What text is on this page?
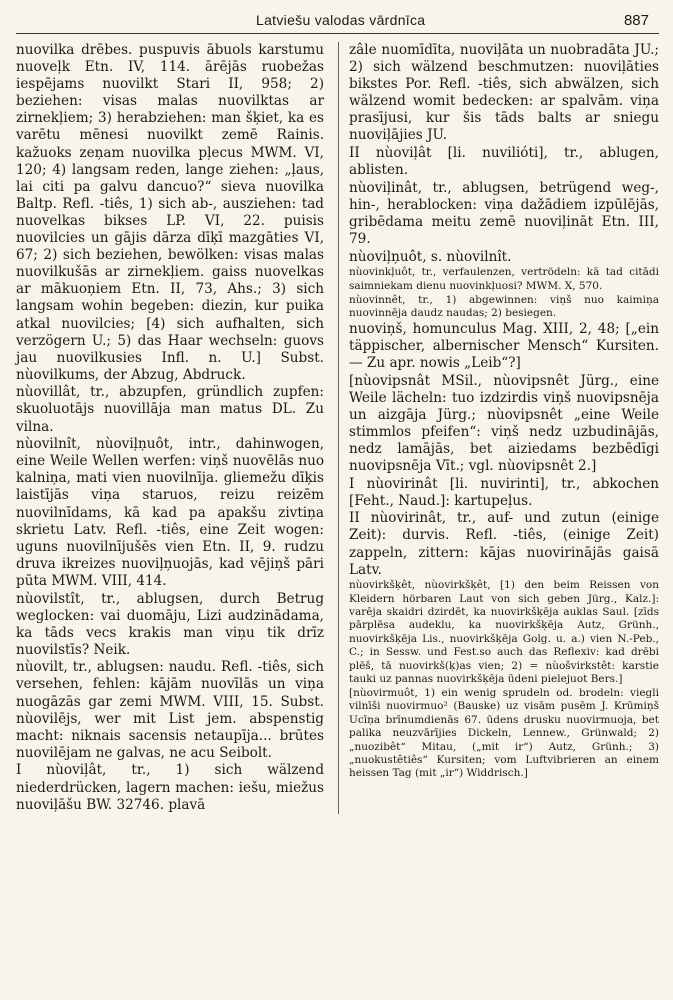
Latviešu valodas vārdnīca	887

nuovilka drēbes. puspuvis ābuols karstumu nuoveļk Etn. IV, 114. ārējās ruobežas iespējams nuovilkt Stari II, 958; 2) beziehen: visas malas nuovilktas ar zirnekļiem; 3) herabziehen: man šķiet, ka es varētu mēnesi nuovilkt zemē Rainis. kažuoks zeņam nuovilka pļecus MWM. VI, 120; 4) langsam reden, lange ziehen: „ļaus, lai citi pa galvu dancuo?“ sieva nuovilka Baltp. Refl. -tiês, 1) sich ab-, ausziehen: tad nuovelkas bikses LP. VI, 22. puisis nuovilcies un gājis dārza dīķī mazgāties VI, 67; 2) sich beziehen, bewölken: visas malas nuovilkušās ar zirnekļiem. gaiss nuovelkas ar mākuoņiem Etn. II, 73, Ahs.; 3) sich langsam wohin begeben: diezin, kur puika atkal nuovilcies; [4) sich aufhalten, sich verzögern U.; 5) das Haar wechseln: guovs jau nuovilkusies Infl. n. U.] Subst. nùovilkums, der Abzug, Abdruck.

nùovillât, tr., abzupfen, gründlich zupfen: skuoluotājs nuovillāja man matus DL. Zu vilna.

nùovilnît, nùoviļņuôt, intr., dahinwogen, eine Weile Wellen werfen: viņš nuovēlās nuo kalniņa, mati vien nuovilnīja. gliemežu dīķis laistījās viņa staruos, reizu reizēm nuovilnīdams, kā kad pa apakšu zivtiņa skrietu Latv. Refl. -tiês, eine Zeit wogen: uguns nuovilnījušēs vien Etn. II, 9. rudzu druva ikreizes nuoviļņuojās, kad vējiņš pāri pūta MWM. VIII, 414.

nùovilstît, tr., ablugsen, durch Betrug weglocken: vai duomāju, Lizi audzinādama, ka tāds vecs krakis man viņu tik drīz nuovilstīs? Neik.

nùovilt, tr., ablugsen: naudu. Refl. -tiês, sich versehen, fehlen: kājām nuovīlās un viņa nuogāzās gar zemi MWM. VIII, 15. Subst. nùovilējs, wer mit List jem. abspenstig macht: niknais sacensis netaupīja... brūtes nuovilējam ne galvas, ne acu Seibolt.

I nùoviļât, tr., 1) sich wälzend niederdrücken, lagern machen: iešu, miežus nuoviļāšu BW. 32746. plavā

zâle nuomīdīta, nuoviļāta un nuobradāta JU.; 2) sich wälzend beschmutzen: nuoviļāties bikstes Por. Refl. -tiês, sich abwälzen, sich wälzend womit bedecken: ar spalvām. viņa prasījusi, kur šis tāds balts ar sniegu nuoviļājies JU.

II nùoviļât [li. nuvilióti], tr., ablugen, ablisten.

nùoviļinât, tr., ablugsen, betrügend weg-, hin-, herablocken: viņa dažādiem izpūlējās, gribēdama meitu zemē nuoviļināt Etn. III, 79.

nùoviļņuôt, s. nùovilnît.

nùovinkļuôt, tr., verfaulenzen, vertrödeln: kā tad citādi saimniekam dienu nuovinkļuosi? MWM. X, 570.

nùovinnêt, tr., 1) abgewinnen: viņš nuo kaimiņa nuovinnēja daudz naudas; 2) besiegen.

nuoviņš, homunculus Mag. XIII, 2, 48; [„ein täppischer, albernischer Mensch“ Kursiten. — Zu apr. nowis „Leib“?]

[nùovipsnât MSil., nùovipsnêt Jürg., eine Weile lächeln: tuo izdzirdis viņš nuovipsnēja un aizgāja Jürg.; nùovipsnêt „eine Weile stimmlos pfeifen“: viņš nedz uzbudinājās, nedz lamājās, bet aiziedams bezbēdīgi nuovipsnēja Vīt.; vgl. nùovipsnêt 2.]

I nùovirinât [li. nuvirinti], tr., abkochen [Feht., Naud.]: kartupeļus.

II nùovirinât, tr., auf- und zutun (einige Zeit): durvis. Refl. -tiês, (einige Zeit) zappeln, zittern: kājas nuovirinājās gaisā Latv.

nùovirkšķêt, nùovirkšķêt, [1) den beim Reissen von Kleidern hörbaren Laut von sich geben Jürg., Kalz.]: varēja skaidri dzirdēt, ka nuovirkšķēja auklas Saul. [zīds pārplēsa audeklu, ka nuovirkšķēja Autz, Grünh., nuovirkšķēja Lis., nuovirkšķēja Golg. u. a.) vien N.-Peb., C.; in Sessw. und Fest.so auch das Reflexiv: kad drēbi plēš, tā nuovirkš(ķ)as vien; 2) = nùošvirkstêt: karstie tauki uz pannas nuovirkšķēja ūdeni pielejuot Bers.]

[nùovirmuôt, 1) ein wenig sprudeln od. brodeln: viegli vilnīši nuovirmuo² (Bauske) uz visām pusēm J. Krūmiņš Ucīņa brīnumdienās 67. ūdens drusku nuovirmuoja, bet palika neuzvārījies Dickeln, Lennew., Grünwald; 2) „nuozibêt“ Mitau, („mit ir“) Autz, Grünh.; 3) „nuokustêtiês“ Kursiten; vom Luftvibrieren an einem heissen Tag (mit „ir“) Widdrisch.]
